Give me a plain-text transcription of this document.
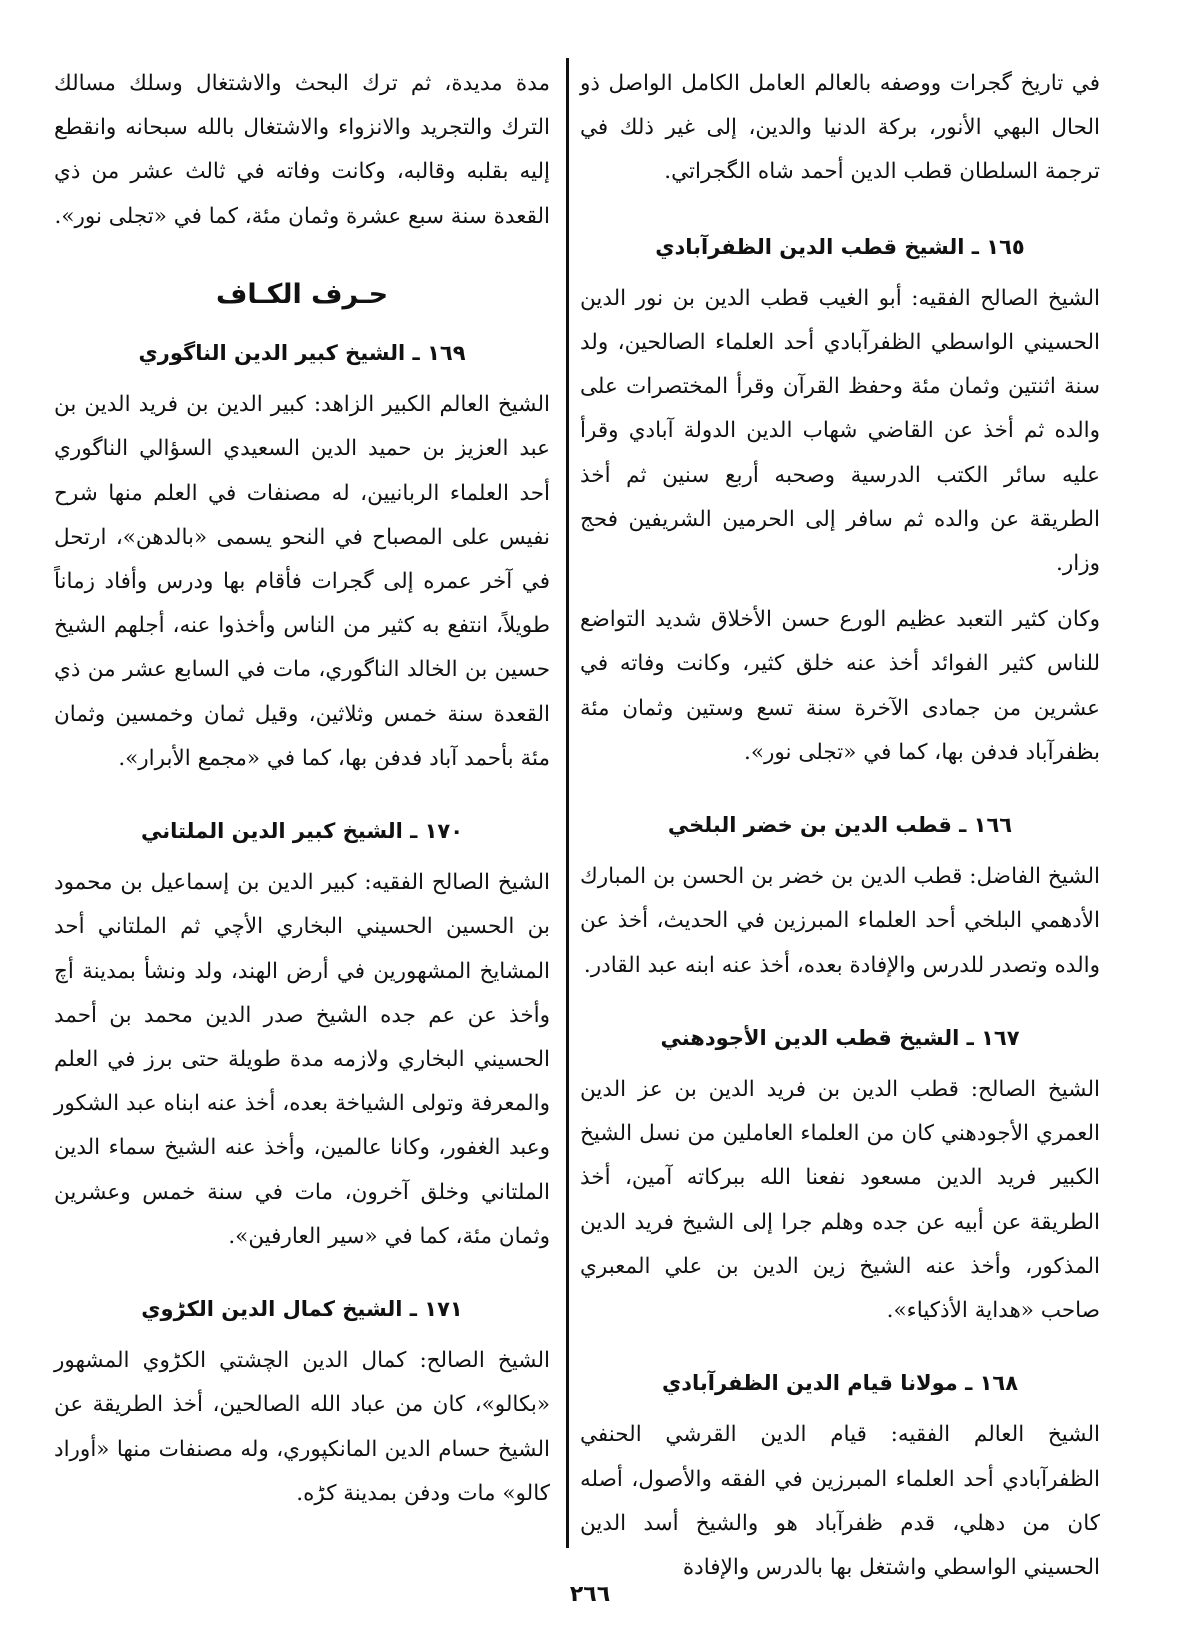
في تاريخ گجرات ووصفه بالعالم العامل الكامل الواصل ذو الحال البهي الأنور، بركة الدنيا والدين، إلى غير ذلك في ترجمة السلطان قطب الدين أحمد شاه الگجراتي.

١٦٥ ـ الشيخ قطب الدين الظفرآبادي

الشيخ الصالح الفقيه: أبو الغيب قطب الدين بن نور الدين الحسيني الواسطي الظفرآبادي أحد العلماء الصالحين، ولد سنة اثنتين وثمان مئة وحفظ القرآن وقرأ المختصرات على والده ثم أخذ عن القاضي شهاب الدين الدولة آبادي وقرأ عليه سائر الكتب الدرسية وصحبه أربع سنين ثم أخذ الطريقة عن والده ثم سافر إلى الحرمين الشريفين فحج وزار.

وكان كثير التعبد عظيم الورع حسن الأخلاق شديد التواضع للناس كثير الفوائد أخذ عنه خلق كثير، وكانت وفاته في عشرين من جمادى الآخرة سنة تسع وستين وثمان مئة بظفرآباد فدفن بها، كما في «تجلى نور».

١٦٦ ـ قطب الدين بن خضر البلخي

الشيخ الفاضل: قطب الدين بن خضر بن الحسن بن المبارك الأدهمي البلخي أحد العلماء المبرزين في الحديث، أخذ عن والده وتصدر للدرس والإفادة بعده، أخذ عنه ابنه عبد القادر.

١٦٧ ـ الشيخ قطب الدين الأجودهني

الشيخ الصالح: قطب الدين بن فريد الدين بن عز الدين العمري الأجودهني كان من العلماء العاملين من نسل الشيخ الكبير فريد الدين مسعود نفعنا الله ببركاته آمين، أخذ الطريقة عن أبيه عن جده وهلم جرا إلى الشيخ فريد الدين المذكور، وأخذ عنه الشيخ زين الدين بن علي المعبري صاحب «هداية الأذكياء».

١٦٨ ـ مولانا قيام الدين الظفرآبادي

الشيخ العالم الفقيه: قيام الدين القرشي الحنفي الظفرآبادي أحد العلماء المبرزين في الفقه والأصول، أصله كان من دهلي، قدم ظفرآباد هو والشيخ أسد الدين الحسيني الواسطي واشتغل بها بالدرس والإفادة

مدة مديدة، ثم ترك البحث والاشتغال وسلك مسالك الترك والتجريد والانزواء والاشتغال بالله سبحانه وانقطع إليه بقلبه وقالبه، وكانت وفاته في ثالث عشر من ذي القعدة سنة سبع عشرة وثمان مئة، كما في «تجلى نور».

حـرف الكـاف
١٦٩ ـ الشيخ كبير الدين الناگوري

الشيخ العالم الكبير الزاهد: كبير الدين بن فريد الدين بن عبد العزيز بن حميد الدين السعيدي السؤالي الناگوري أحد العلماء الربانيين، له مصنفات في العلم منها شرح نفيس على المصباح في النحو يسمى «بالدهن»، ارتحل في آخر عمره إلى گجرات فأقام بها ودرس وأفاد زماناً طويلاً، انتفع به كثير من الناس وأخذوا عنه، أجلهم الشيخ حسين بن الخالد الناگوري، مات في السابع عشر من ذي القعدة سنة خمس وثلاثين، وقيل ثمان وخمسين وثمان مئة بأحمد آباد فدفن بها، كما في «مجمع الأبرار».

١٧٠ ـ الشيخ كبير الدين الملتاني

الشيخ الصالح الفقيه: كبير الدين بن إسماعيل بن محمود بن الحسين الحسيني البخاري الأچي ثم الملتاني أحد المشايخ المشهورين في أرض الهند، ولد ونشأ بمدينة أچ وأخذ عن عم جده الشيخ صدر الدين محمد بن أحمد الحسيني البخاري ولازمه مدة طويلة حتى برز في العلم والمعرفة وتولى الشياخة بعده، أخذ عنه ابناه عبد الشكور وعبد الغفور، وكانا عالمين، وأخذ عنه الشيخ سماء الدين الملتاني وخلق آخرون، مات في سنة خمس وعشرين وثمان مئة، كما في «سير العارفين».

١٧١ ـ الشيخ كمال الدين الكڑوي

الشيخ الصالح: كمال الدين الچشتي الكڑوي المشهور «بكالو»، كان من عباد الله الصالحين، أخذ الطريقة عن الشيخ حسام الدين المانكپوري، وله مصنفات منها «أوراد كالو» مات ودفن بمدينة كڑه.

٢٦٦
